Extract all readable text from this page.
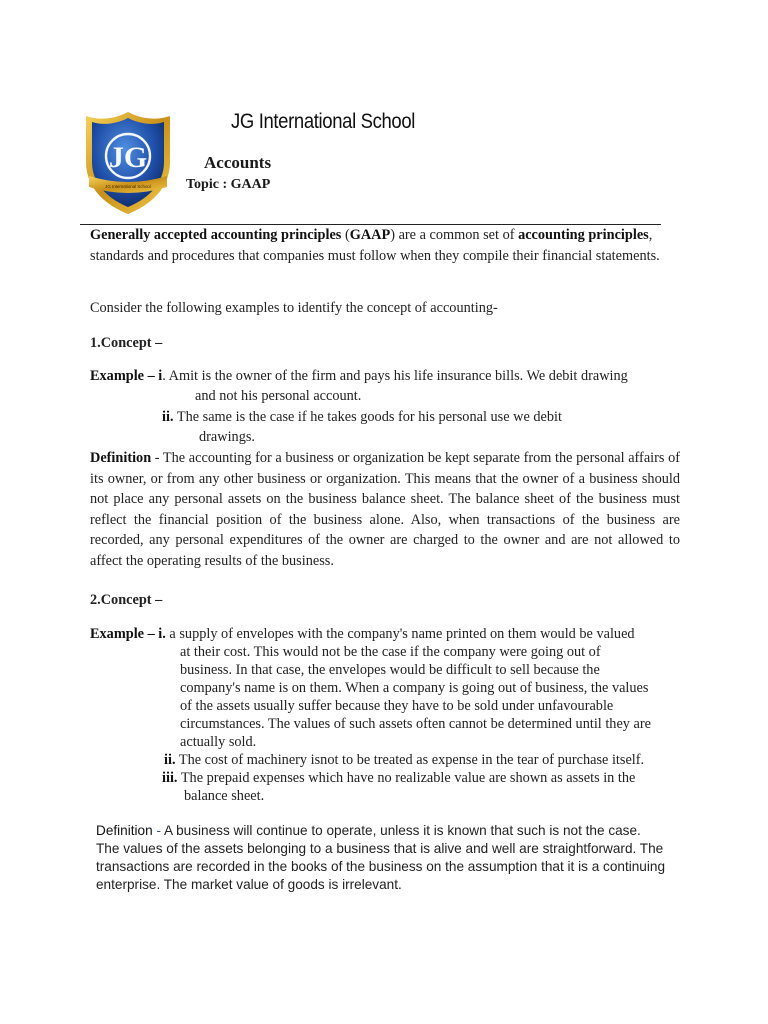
JG
JG International School
JG International School
Accounts
Topic : GAAP
Generally accepted accounting principles (GAAP) are a common set of accounting principles, standards and procedures that companies must follow when they compile their financial statements.
Consider the following examples to identify the concept of accounting-
1.Concept –
Example – i. Amit is the owner of the firm and pays his life insurance bills. We debit drawing
and not his personal account.
ii. The same is the case if he takes goods for his personal use we debit
drawings.
Definition - The accounting for a business or organization be kept separate from the personal affairs of its owner, or from any other business or organization. This means that the owner of a business should not place any personal assets on the business balance sheet. The balance sheet of the business must reflect the financial position of the business alone. Also, when transactions of the business are recorded, any personal expenditures of the owner are charged to the owner and are not allowed to affect the operating results of the business.
2.Concept –
Example – i. a supply of envelopes with the company's name printed on them would be valued
at their cost. This would not be the case if the company were going out of
business. In that case, the envelopes would be difficult to sell because the
company's name is on them. When a company is going out of business, the values
of the assets usually suffer because they have to be sold under unfavourable
circumstances. The values of such assets often cannot be determined until they are
actually sold.
ii. The cost of machinery isnot to be treated as expense in the tear of purchase itself.
iii. The prepaid expenses which have no realizable value are shown as assets in the
balance sheet.
Definition - A business will continue to operate, unless it is known that such is not the case.
The values of the assets belonging to a business that is alive and well are straightforward. The
transactions are recorded in the books of the business on the assumption that it is a continuing
enterprise. The market value of goods is irrelevant.
